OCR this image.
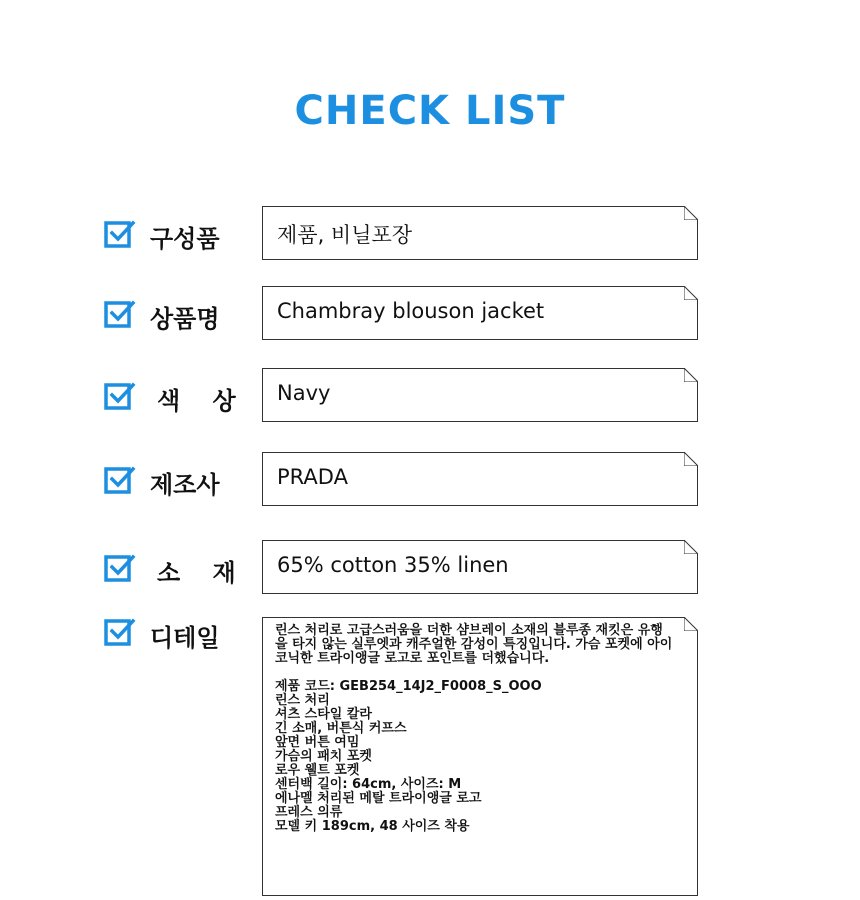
CHECK LIST
구성품	제품, 비닐포장
상품명	Chambray blouson jacket
색 상 Navy
제조사	PRADA
소 재 65% cotton 35% linen
디테일	린스 처리로 고급스러움을 더한 샴브레이 소재의 블루종 재킷은 유행을 타지 않는 실루엣과 캐주얼한 감성이 특징입니다. 가슴 포켓에 아이코닉한 트라이앵글 로고로 포인트를 더했습니다.

제품 코드: GEB254_14J2_F0008_S_OOO
린스 처리
셔츠 스타일 칼라
긴 소매, 버튼식 커프스
앞면 버튼 여밈
가슴의 패치 포켓
로우 웰트 포켓
센터백 길이: 64cm, 사이즈: M
에나멜 처리된 메탈 트라이앵글 로고
프레스 의류
모델 키 189cm, 48 사이즈 착용
